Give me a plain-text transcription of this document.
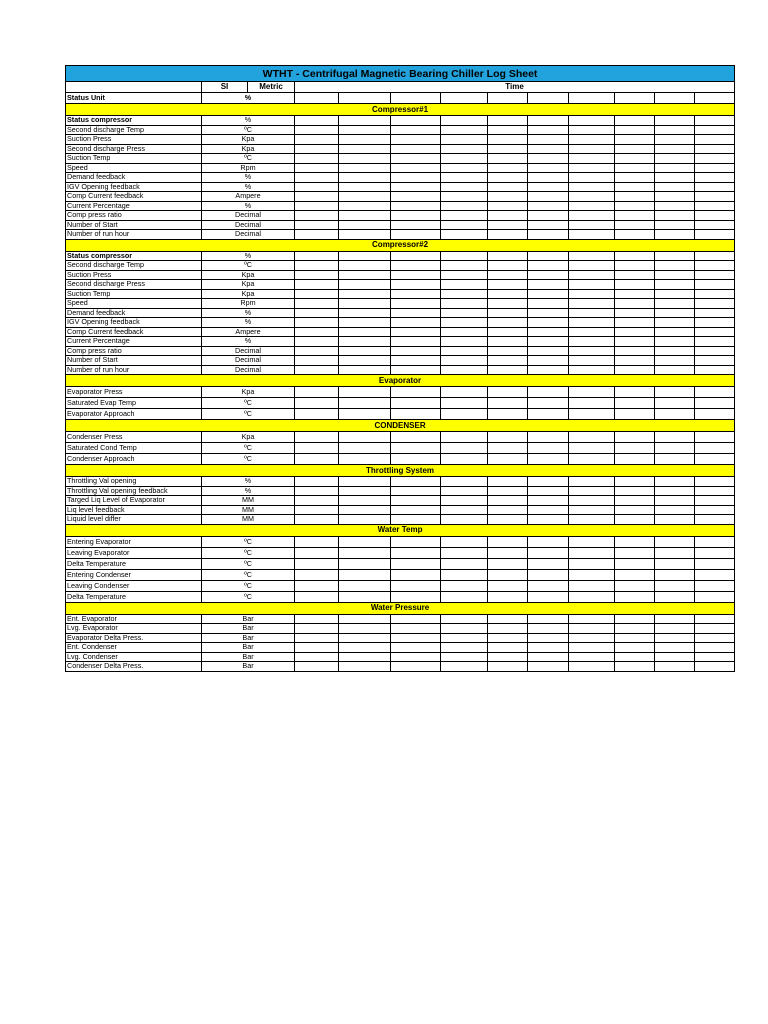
WTHT - Centrifugal Magnetic Bearing Chiller Log Sheet												
	SI	Metric	Time									
Status Unit	%											
Compressor#1												
Status compressor	%											
Second discharge Temp	ºC											
Suction Press	Kpa											
Second discharge Press	Kpa											
Suction Temp	ºC											
Speed	Rpm											
Demand feedback	%											
IGV Opening feedback	%											
Comp Current feedback	Ampere											
Current Percentage	%											
Comp press ratio	Decimal											
Number of Start	Decimal											
Number of run hour	Decimal											
Compressor#2												
Status compressor	%											
Second discharge Temp	ºC											
Suction Press	Kpa											
Second discharge Press	Kpa											
Suction Temp	Kpa											
Speed	Rpm											
Demand feedback	%											
IGV Opening feedback	%											
Comp Current feedback	Ampere											
Current Percentage	%											
Comp press ratio	Decimal											
Number of Start	Decimal											
Number of run hour	Decimal											
Evaporator												
Evaporator Press	Kpa											
Saturated Evap Temp	ºC											
Evaporator Approach	ºC											
CONDENSER												
Condenser Press	Kpa											
Saturated Cond Temp	ºC											
Condenser Approach	ºC											
Throttling System												
Throttling Val opening	%											
Throttling Val opening feedback	%											
Targed Liq Level of Evaporator	MM											
Liq level feedback	MM											
Liquid level differ	MM											
Water Temp												
Entering Evaporator	ºC											
Leaving Evaporator	ºC											
Delta Temperature	ºC											
Entering Condenser	ºC											
Leaving Condenser	ºC											
Delta Temperature	ºC											
Water Pressure												
Ent. Evaporator	Bar											
Lvg. Evaporator	Bar											
Evaporator Delta Press.	Bar											
Ent. Condenser	Bar											
Lvg. Condenser	Bar											
Condenser Delta Press.	Bar											
